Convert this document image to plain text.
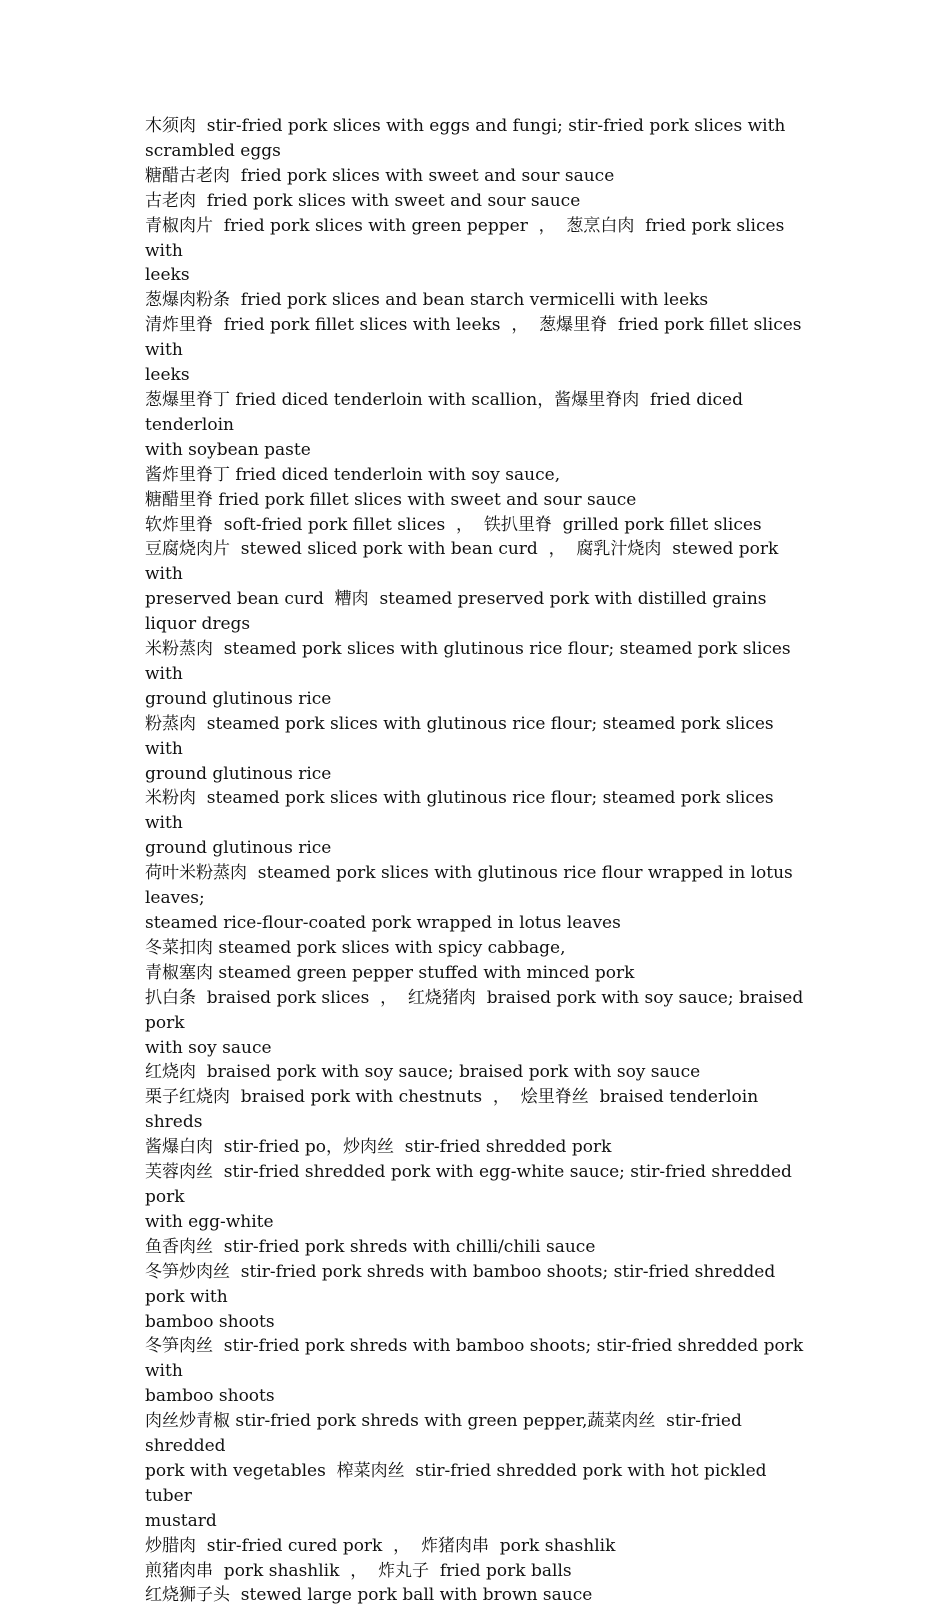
木须肉  stir-fried pork slices with eggs and fungi; stir-fried pork slices with
scrambled eggs
糖醋古老肉  fried pork slices with sweet and sour sauce
古老肉  fried pork slices with sweet and sour sauce
青椒肉片  fried pork slices with green pepper  ，  葱烹白肉  fried pork slices with
leeks
葱爆肉粉条  fried pork slices and bean starch vermicelli with leeks
清炸里脊  fried pork fillet slices with leeks  ，  葱爆里脊  fried pork fillet slices with
leeks
葱爆里脊丁 fried diced tenderloin with scallion，酱爆里脊肉  fried diced tenderloin
with soybean paste
酱炸里脊丁 fried diced tenderloin with soy sauce,
糖醋里脊 fried pork fillet slices with sweet and sour sauce
软炸里脊  soft-fried pork fillet slices  ，  铁扒里脊  grilled pork fillet slices
豆腐烧肉片  stewed sliced pork with bean curd  ，  腐乳汁烧肉  stewed pork with
preserved bean curd  糟肉  steamed preserved pork with distilled grains liquor dregs
米粉蒸肉  steamed pork slices with glutinous rice flour; steamed pork slices with
ground glutinous rice
粉蒸肉  steamed pork slices with glutinous rice flour; steamed pork slices with
ground glutinous rice
米粉肉  steamed pork slices with glutinous rice flour; steamed pork slices with
ground glutinous rice
荷叶米粉蒸肉  steamed pork slices with glutinous rice flour wrapped in lotus leaves;
steamed rice-flour-coated pork wrapped in lotus leaves
冬菜扣肉 steamed pork slices with spicy cabbage,
青椒塞肉 steamed green pepper stuffed with minced pork
扒白条  braised pork slices  ，  红烧猪肉  braised pork with soy sauce; braised pork
with soy sauce
红烧肉  braised pork with soy sauce; braised pork with soy sauce
栗子红烧肉  braised pork with chestnuts  ，  烩里脊丝  braised tenderloin shreds
酱爆白肉  stir-fried po，炒肉丝  stir-fried shredded pork
芙蓉肉丝  stir-fried shredded pork with egg-white sauce; stir-fried shredded pork
with egg-white
鱼香肉丝  stir-fried pork shreds with chilli/chili sauce
冬笋炒肉丝  stir-fried pork shreds with bamboo shoots; stir-fried shredded pork with
bamboo shoots
冬笋肉丝  stir-fried pork shreds with bamboo shoots; stir-fried shredded pork with
bamboo shoots
肉丝炒青椒 stir-fried pork shreds with green pepper,蔬菜肉丝  stir-fried shredded
pork with vegetables  榨菜肉丝  stir-fried shredded pork with hot pickled tuber
mustard
炒腊肉  stir-fried cured pork  ，  炸猪肉串  pork shashlik
煎猪肉串  pork shashlik  ，  炸丸子  fried pork balls
红烧狮子头  stewed large pork ball with brown sauce
